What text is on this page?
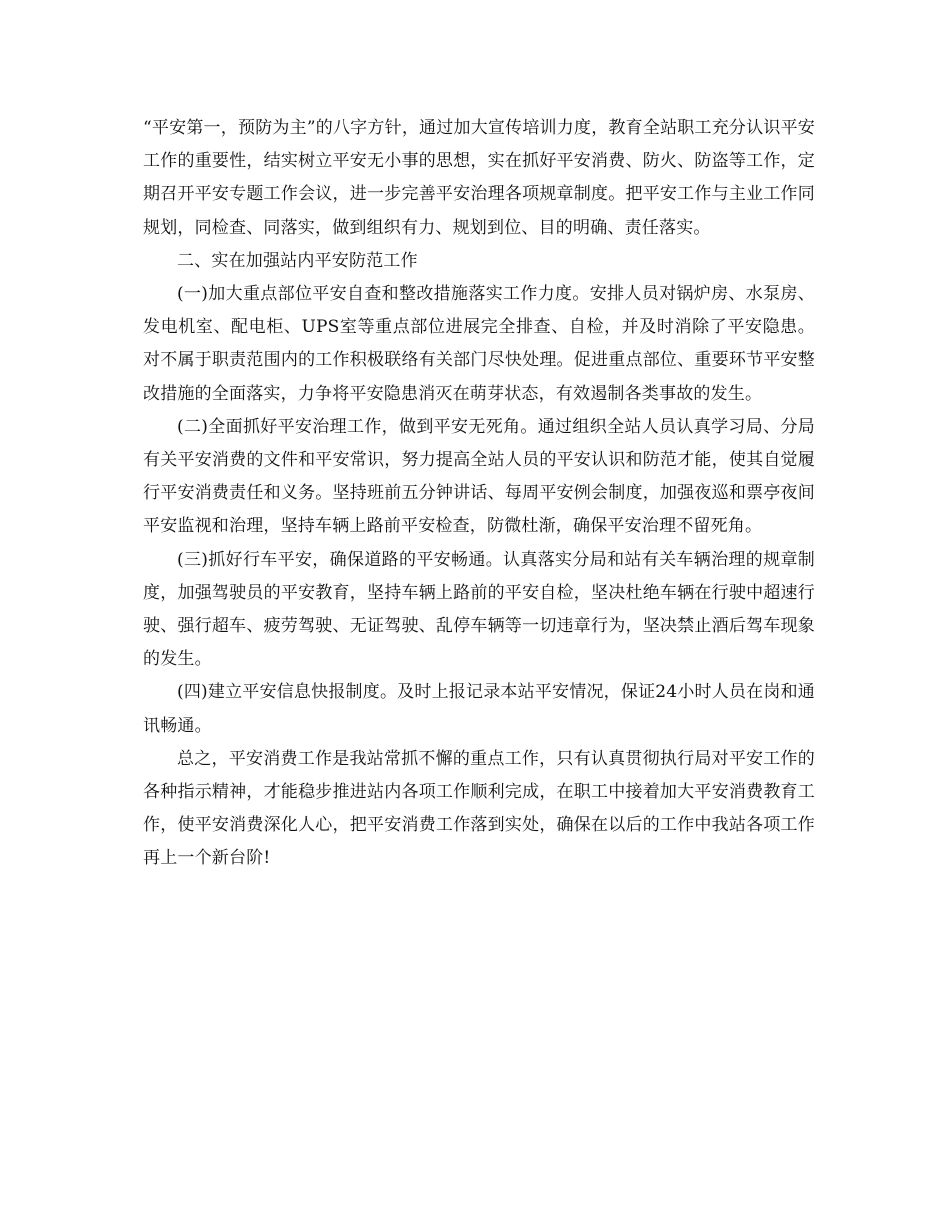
“平安第一，预防为主”的八字方针，通过加大宣传培训力度，教育全站职工充分认识平安工作的重要性，结实树立平安无小事的思想，实在抓好平安消费、防火、防盗等工作，定期召开平安专题工作会议，进一步完善平安治理各项规章制度。把平安工作与主业工作同规划，同检查、同落实，做到组织有力、规划到位、目的明确、责任落实。

二、实在加强站内平安防范工作

(一)加大重点部位平安自查和整改措施落实工作力度。安排人员对锅炉房、水泵房、发电机室、配电柜、UPS室等重点部位进展完全排查、自检，并及时消除了平安隐患。对不属于职责范围内的工作积极联络有关部门尽快处理。促进重点部位、重要环节平安整改措施的全面落实，力争将平安隐患消灭在萌芽状态，有效遏制各类事故的发生。

(二)全面抓好平安治理工作，做到平安无死角。通过组织全站人员认真学习局、分局有关平安消费的文件和平安常识，努力提高全站人员的平安认识和防范才能，使其自觉履行平安消费责任和义务。坚持班前五分钟讲话、每周平安例会制度，加强夜巡和票亭夜间平安监视和治理，坚持车辆上路前平安检查，防微杜渐，确保平安治理不留死角。

(三)抓好行车平安，确保道路的平安畅通。认真落实分局和站有关车辆治理的规章制度，加强驾驶员的平安教育，坚持车辆上路前的平安自检，坚决杜绝车辆在行驶中超速行驶、强行超车、疲劳驾驶、无证驾驶、乱停车辆等一切违章行为，坚决禁止酒后驾车现象的发生。

(四)建立平安信息快报制度。及时上报记录本站平安情况，保证24小时人员在岗和通讯畅通。

总之，平安消费工作是我站常抓不懈的重点工作，只有认真贯彻执行局对平安工作的各种指示精神，才能稳步推进站内各项工作顺利完成，在职工中接着加大平安消费教育工作，使平安消费深化人心，把平安消费工作落到实处，确保在以后的工作中我站各项工作再上一个新台阶!
